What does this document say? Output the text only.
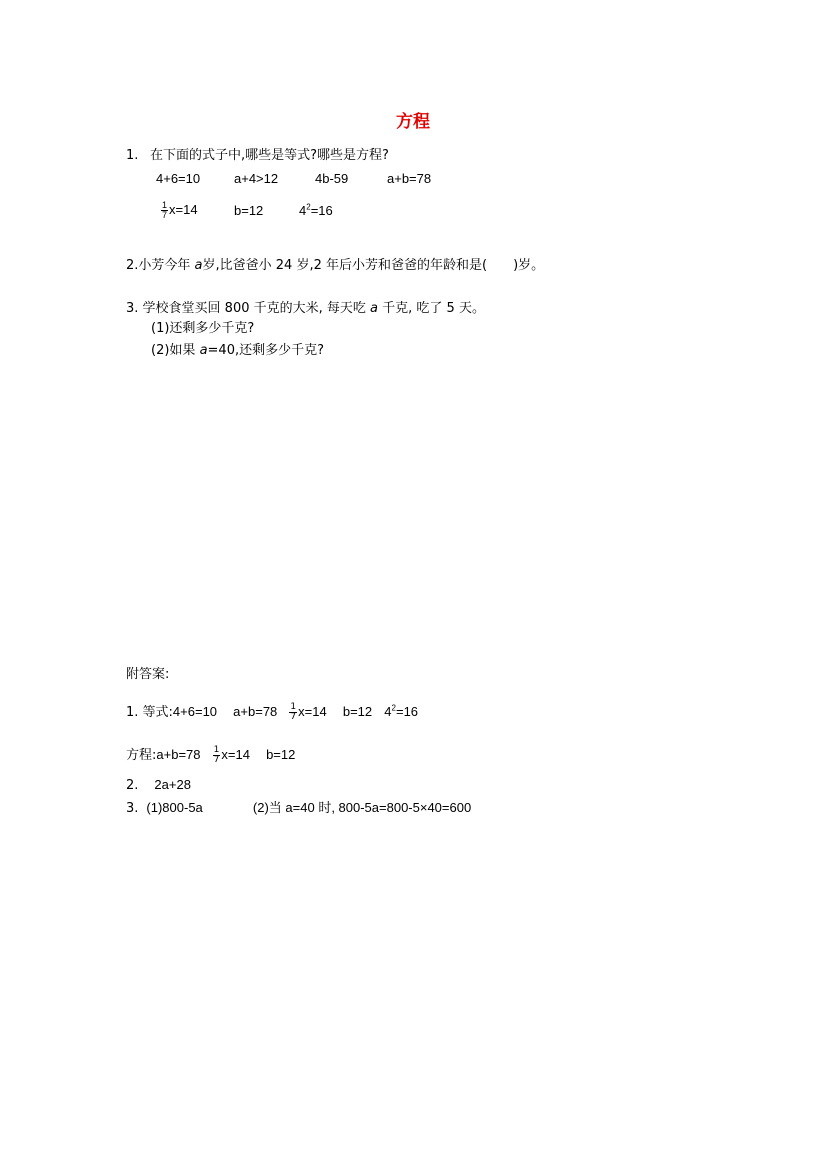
方程
1. 在下面的式子中,哪些是等式?哪些是方程?
4+6=10	a+4>12	4b-59	a+b=78
$\frac{1}{7} x=14$	b=12	$4^2=16$
2.小芳今年 a岁,比爸爸小 24 岁,2 年后小芳和爸爸的年龄和是( )岁。
3. 学校食堂买回 800 千克的大米, 每天吃 a 千克, 吃了 5 天。
(1)还剩多少千克?
(2)如果 a=40,还剩多少千克?
附答案:
1. 等式:4+6=10 $a+b=78 \frac{1}{7} x=14$ b=12 $4^2=16$
方程:a+b=78 $\frac{1}{7} x=14$ b=12
2. 2a+28
3. (1)800-5a	(2)当 a=40 时, 800-5a=800-5×40=600
